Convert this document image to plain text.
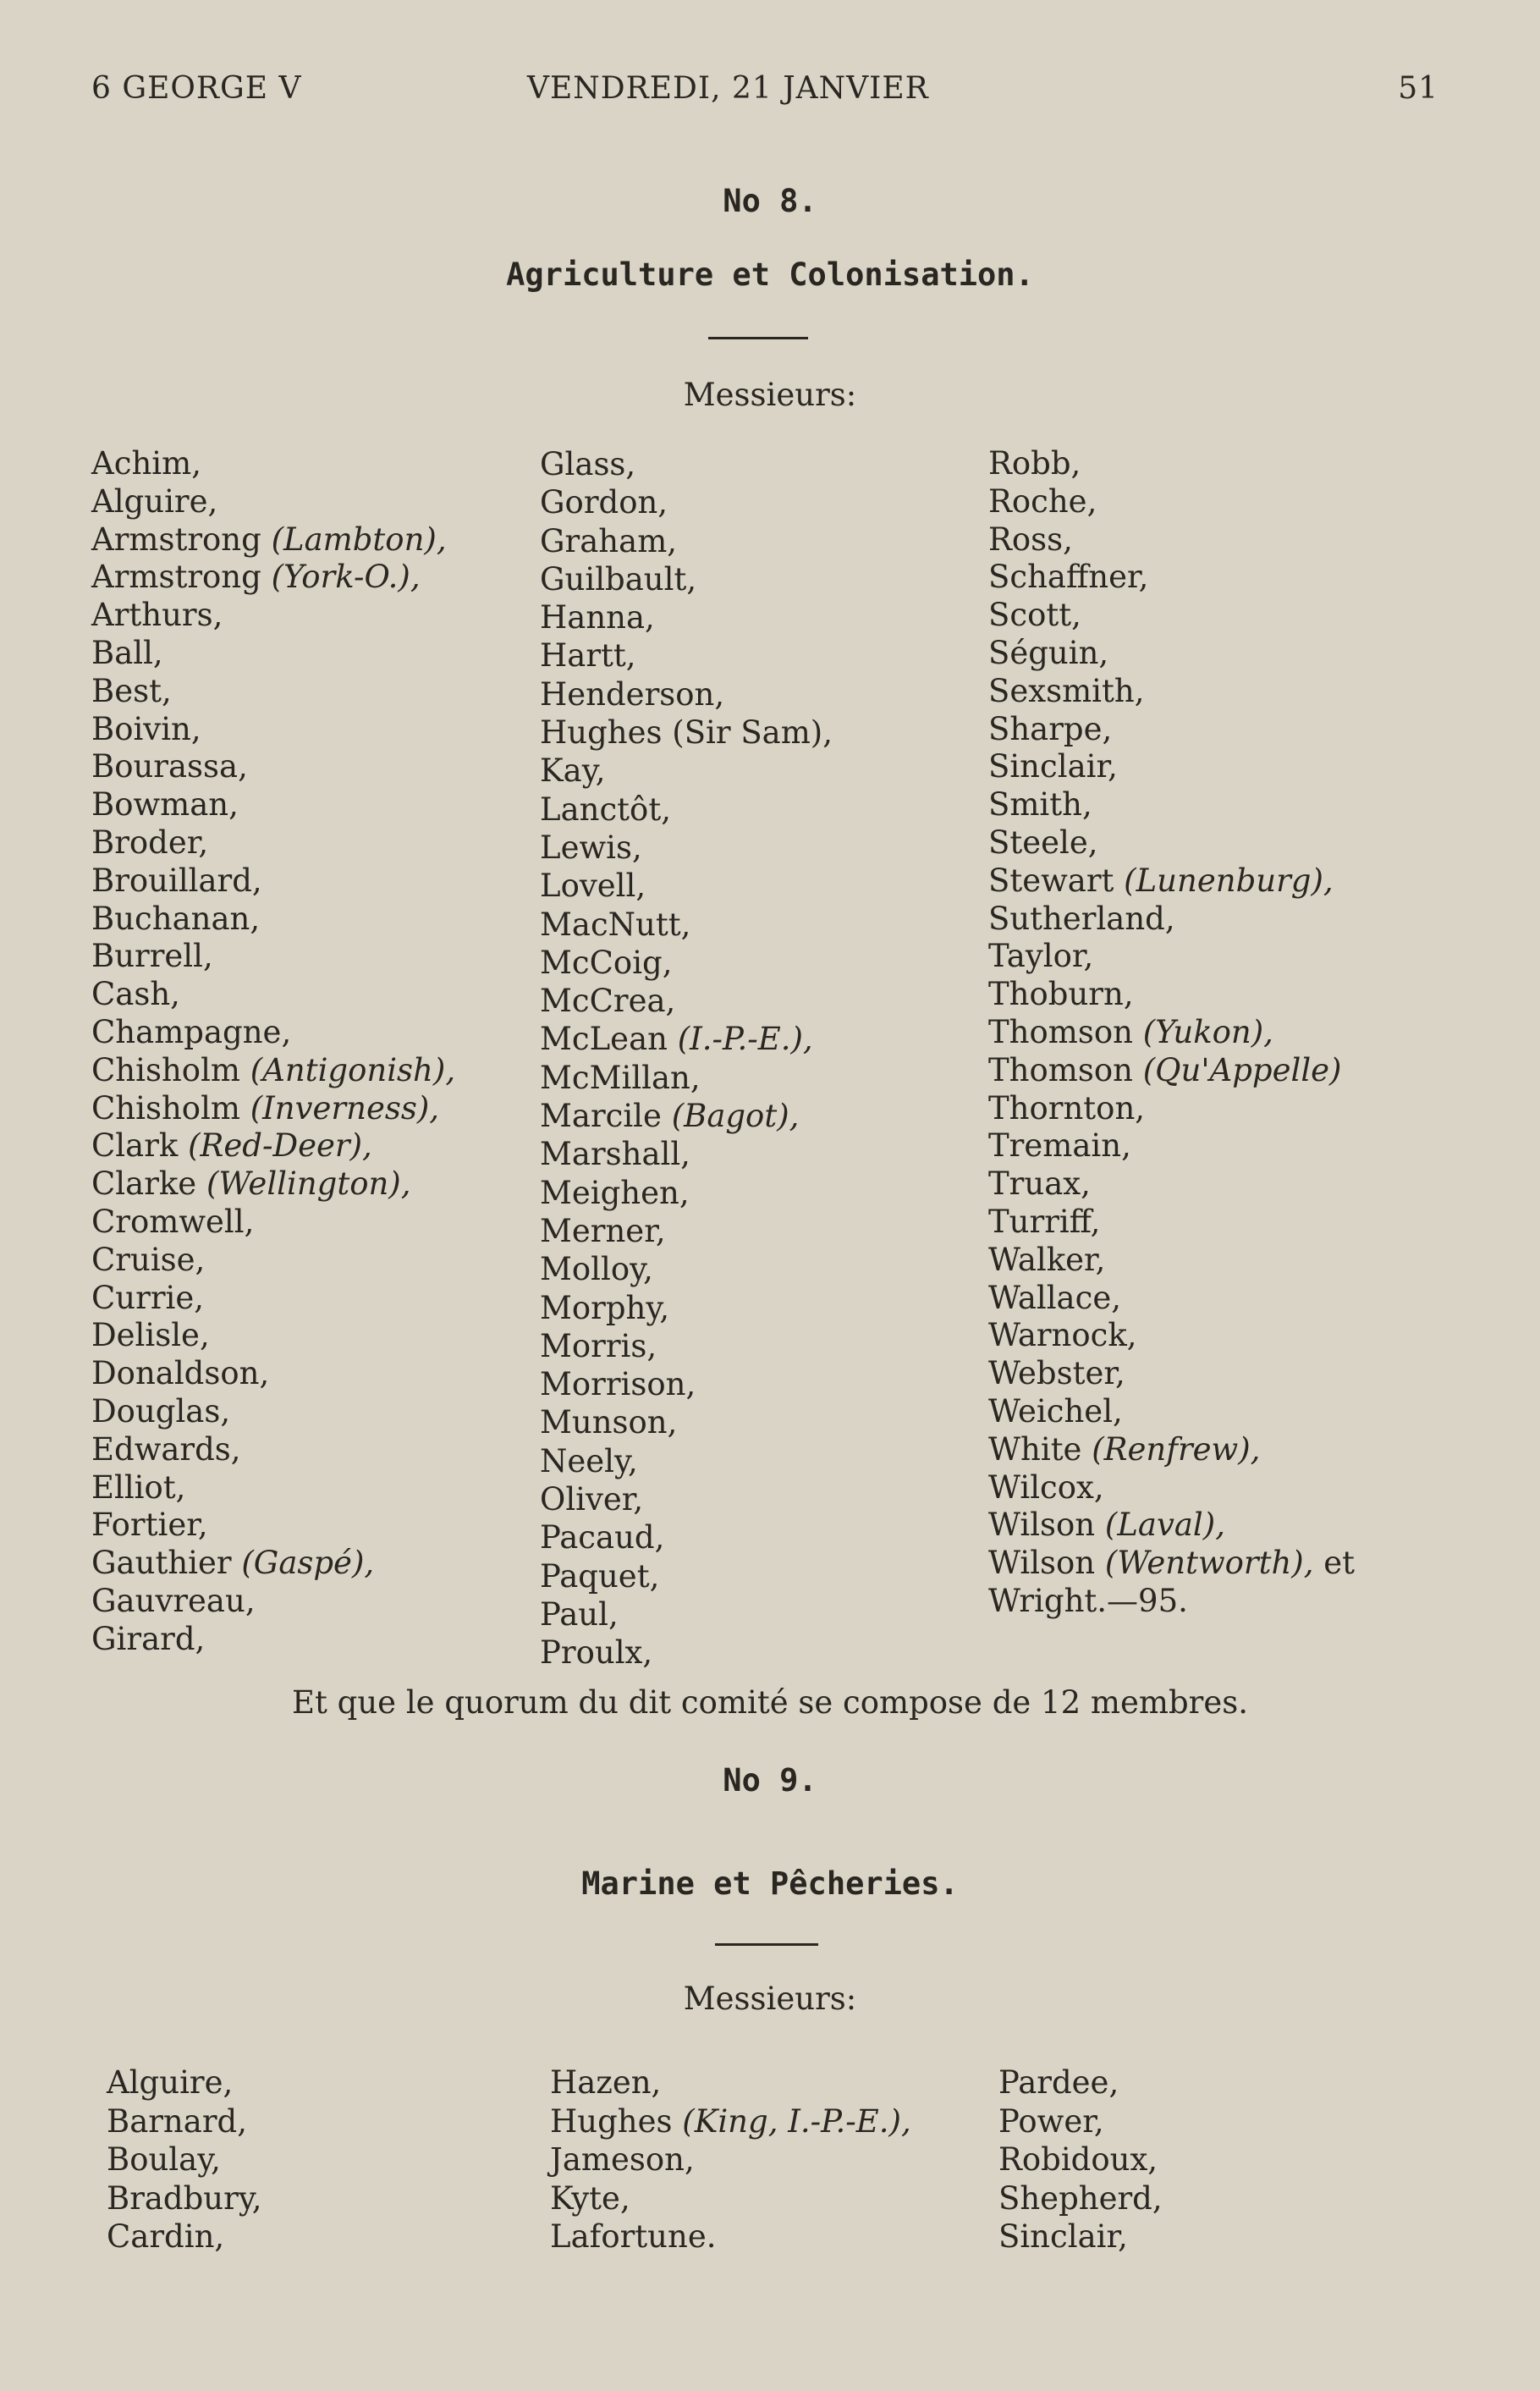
6 GEORGE V	VENDREDI, 21 JANVIER	51
No 8.
Agriculture et Colonisation.
Messieurs:
Achim,
Alguire,
Armstrong (Lambton),
Armstrong (York-O.),
Arthurs,
Ball,
Best,
Boivin,
Bourassa,
Bowman,
Broder,
Brouillard,
Buchanan,
Burrell,
Cash,
Champagne,
Chisholm (Antigonish),
Chisholm (Inverness),
Clark (Red-Deer),
Clarke (Wellington),
Cromwell,
Cruise,
Currie,
Delisle,
Donaldson,
Douglas,
Edwards,
Elliot,
Fortier,
Gauthier (Gaspé),
Gauvreau,
Girard,
Glass,
Gordon,
Graham,
Guilbault,
Hanna,
Hartt,
Henderson,
Hughes (Sir Sam),
Kay,
Lanctôt,
Lewis,
Lovell,
MacNutt,
McCoig,
McCrea,
McLean (I.-P.-E.),
McMillan,
Marcile (Bagot),
Marshall,
Meighen,
Merner,
Molloy,
Morphy,
Morris,
Morrison,
Munson,
Neely,
Oliver,
Pacaud,
Paquet,
Paul,
Proulx,
Robb,
Roche,
Ross,
Schaffner,
Scott,
Séguin,
Sexsmith,
Sharpe,
Sinclair,
Smith,
Steele,
Stewart (Lunenburg),
Sutherland,
Taylor,
Thoburn,
Thomson (Yukon),
Thomson (Qu'Appelle)
Thornton,
Tremain,
Truax,
Turriff,
Walker,
Wallace,
Warnock,
Webster,
Weichel,
White (Renfrew),
Wilcox,
Wilson (Laval),
Wilson (Wentworth), et
Wright.—95.
Et que le quorum du dit comité se compose de 12 membres.
No 9.
Marine et Pêcheries.
Messieurs:
Alguire,
Barnard,
Boulay,
Bradbury,
Cardin,
Hazen,
Hughes (King, I.-P.-E.),
Jameson,
Kyte,
Lafortune.
Pardee,
Power,
Robidoux,
Shepherd,
Sinclair,
